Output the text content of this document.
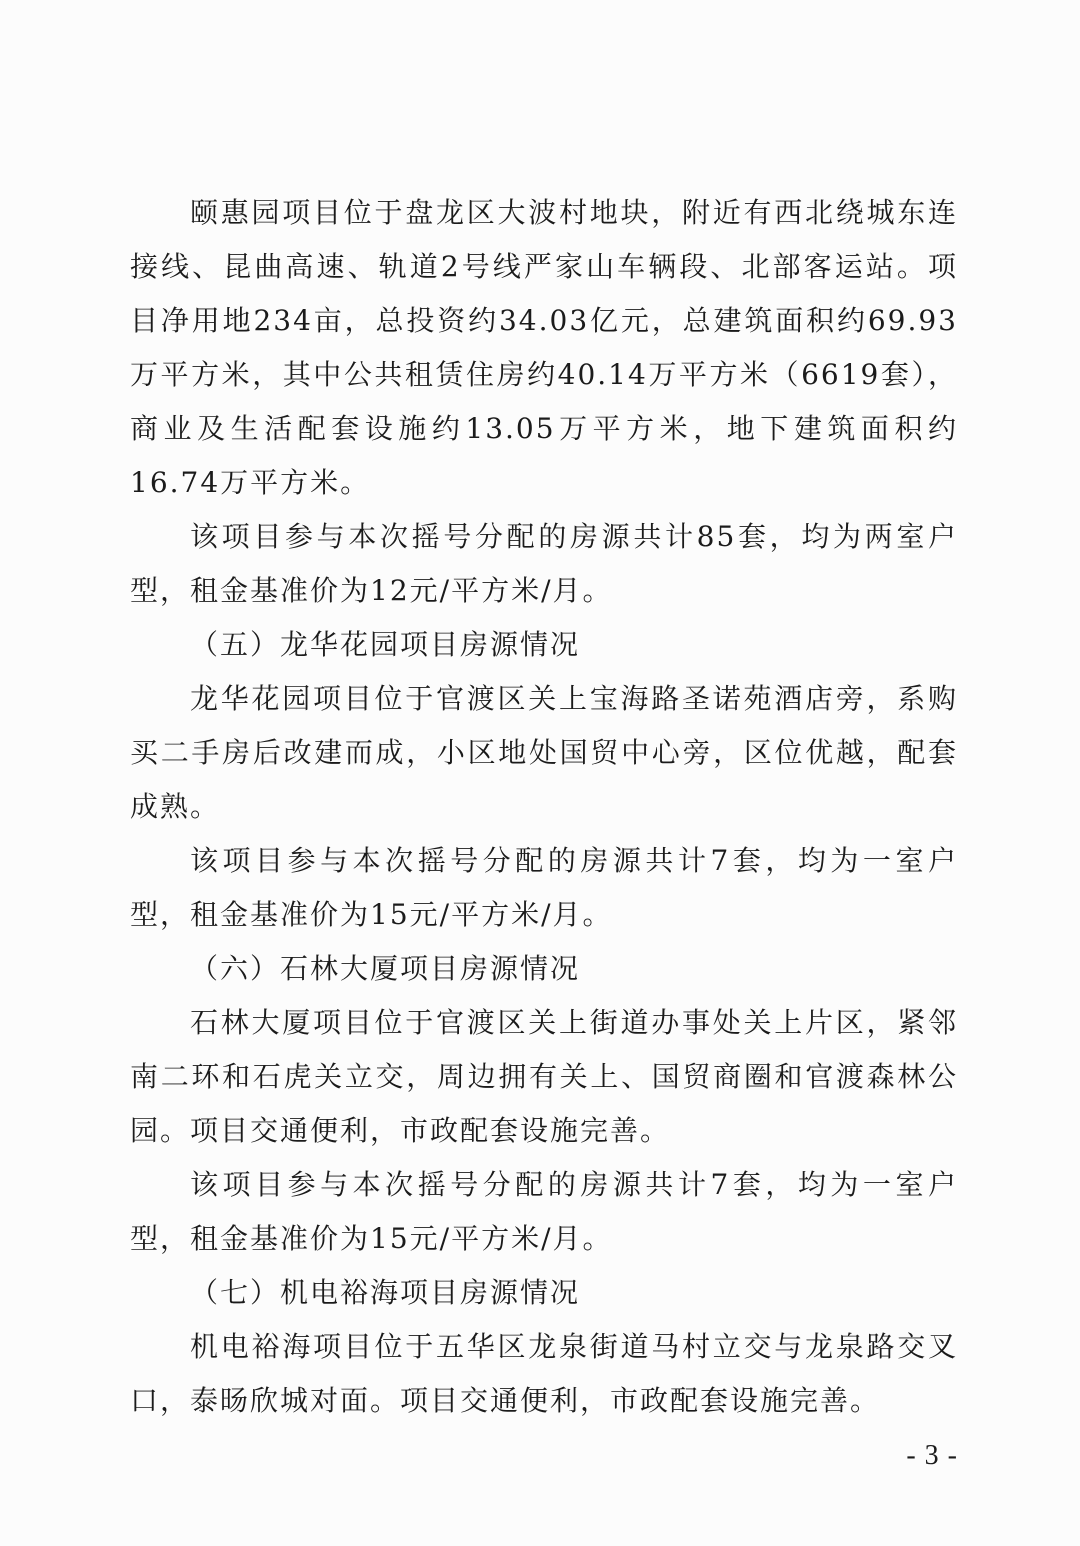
颐惠园项目位于盘龙区大波村地块，附近有西北绕城东连接线、昆曲高速、轨道2号线严家山车辆段、北部客运站。项目净用地234亩，总投资约34.03亿元，总建筑面积约69.93万平方米，其中公共租赁住房约40.14万平方米（6619套），商业及生活配套设施约13.05万平方米，地下建筑面积约16.74万平方米。

该项目参与本次摇号分配的房源共计85套，均为两室户型，租金基准价为12元/平方米/月。

（五）龙华花园项目房源情况

龙华花园项目位于官渡区关上宝海路圣诺苑酒店旁，系购买二手房后改建而成，小区地处国贸中心旁，区位优越，配套成熟。

该项目参与本次摇号分配的房源共计7套，均为一室户型，租金基准价为15元/平方米/月。

（六）石林大厦项目房源情况

石林大厦项目位于官渡区关上街道办事处关上片区，紧邻南二环和石虎关立交，周边拥有关上、国贸商圈和官渡森林公园。项目交通便利，市政配套设施完善。

该项目参与本次摇号分配的房源共计7套，均为一室户型，租金基准价为15元/平方米/月。

（七）机电裕海项目房源情况

机电裕海项目位于五华区龙泉街道马村立交与龙泉路交叉口，泰旸欣城对面。项目交通便利，市政配套设施完善。

- 3 -
